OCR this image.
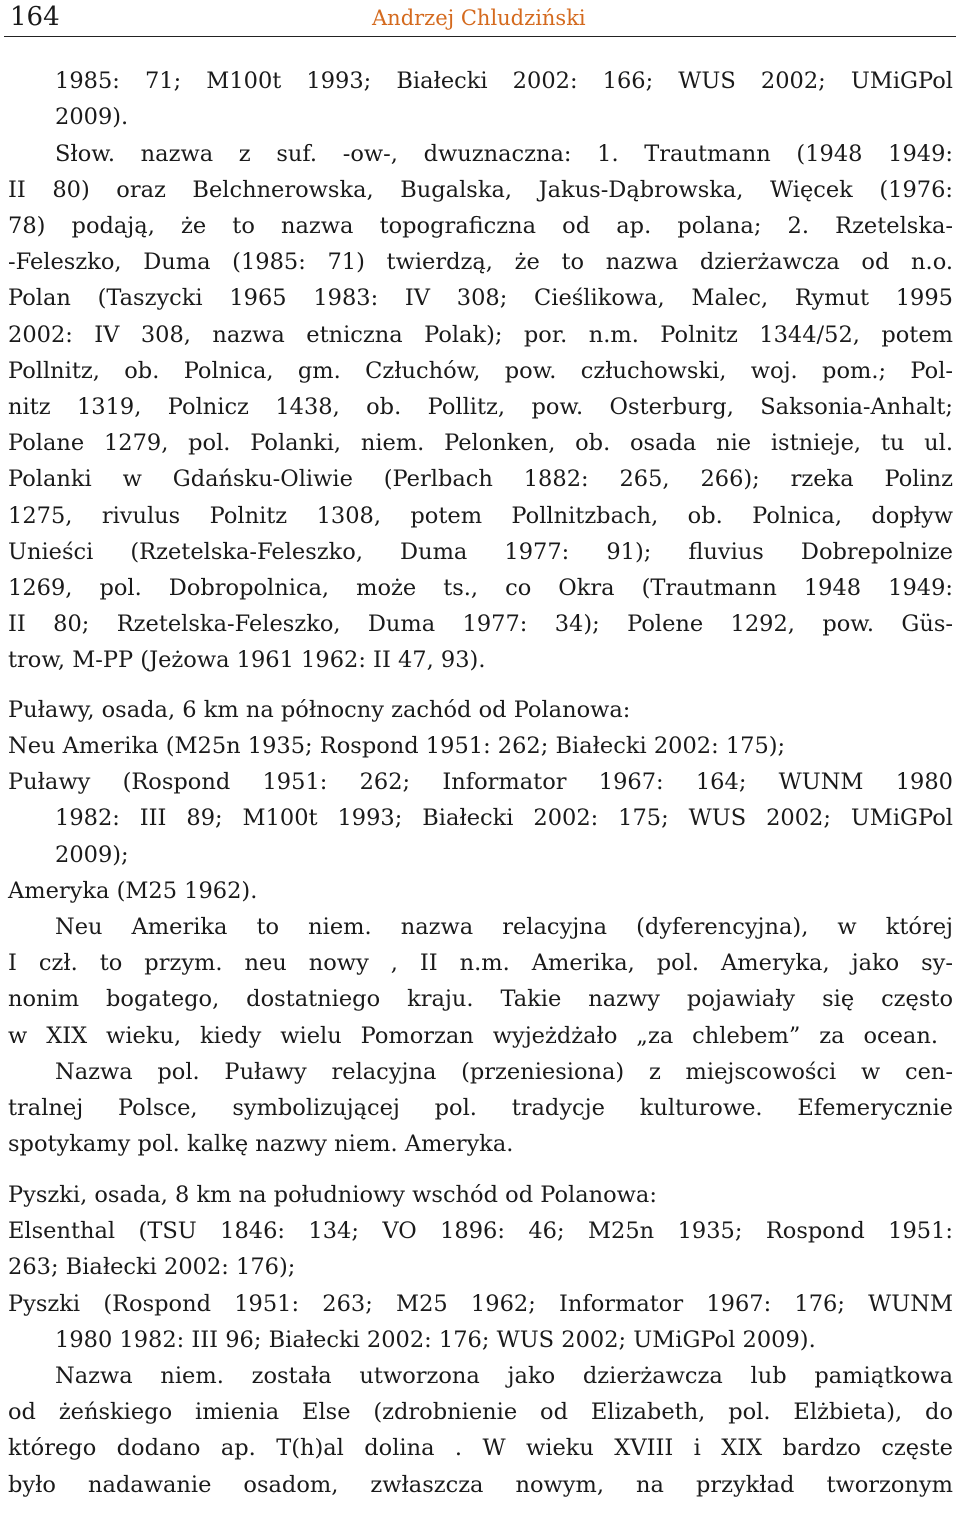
164	Andrzej Chludziński
1985: 71; M100t 1993; Białecki 2002: 166; WUS 2002; UMiGPol
2009).
Słow. nazwa z suf. -ow-, dwuznaczna: 1. Trautmann (1948 1949:
II 80) oraz Belchnerowska, Bugalska, Jakus-Dąbrowska, Więcek (1976:
78) podają, że to nazwa topograficzna od ap. polana; 2. Rzetelska-
-Feleszko, Duma (1985: 71) twierdzą, że to nazwa dzierżawcza od n.o.
Polan (Taszycki 1965 1983: IV 308; Cieślikowa, Malec, Rymut 1995
2002: IV 308, nazwa etniczna Polak); por. n.m. Polnitz 1344/52, potem
Pollnitz, ob. Polnica, gm. Człuchów, pow. człuchowski, woj. pom.; Pol-
nitz 1319, Polnicz 1438, ob. Pollitz, pow. Osterburg, Saksonia-Anhalt;
Polane 1279, pol. Polanki, niem. Pelonken, ob. osada nie istnieje, tu ul.
Polanki w Gdańsku-Oliwie (Perlbach 1882: 265, 266); rzeka Polinz
1275, rivulus Polnitz 1308, potem Pollnitzbach, ob. Polnica, dopływ
Unieści (Rzetelska-Feleszko, Duma 1977: 91); fluvius Dobrepolnize
1269, pol. Dobropolnica, może ts., co Okra (Trautmann 1948 1949:
II 80; Rzetelska-Feleszko, Duma 1977: 34); Polene 1292, pow. Güs-
trow, M-PP (Jeżowa 1961 1962: II 47, 93).
Puławy, osada, 6 km na północny zachód od Polanowa:
Neu Amerika (M25n 1935; Rospond 1951: 262; Białecki 2002: 175);
Puławy (Rospond 1951: 262; Informator 1967: 164; WUNM 1980
1982: III 89; M100t 1993; Białecki 2002: 175; WUS 2002; UMiGPol
2009);
Ameryka (M25 1962).
Neu Amerika to niem. nazwa relacyjna (dyferencyjna), w której
I czł. to przym. neu nowy , II n.m. Amerika, pol. Ameryka, jako sy-
nonim bogatego, dostatniego kraju. Takie nazwy pojawiały się często
w XIX wieku, kiedy wielu Pomorzan wyjeżdżało „za chlebem” za ocean.
Nazwa pol. Puławy relacyjna (przeniesiona) z miejscowości w cen-
tralnej Polsce, symbolizującej pol. tradycje kulturowe. Efemerycznie
spotykamy pol. kalkę nazwy niem. Ameryka.
Pyszki, osada, 8 km na południowy wschód od Polanowa:
Elsenthal (TSU 1846: 134; VO 1896: 46; M25n 1935; Rospond 1951:
263; Białecki 2002: 176);
Pyszki (Rospond 1951: 263; M25 1962; Informator 1967: 176; WUNM
1980 1982: III 96; Białecki 2002: 176; WUS 2002; UMiGPol 2009).
Nazwa niem. została utworzona jako dzierżawcza lub pamiątkowa
od żeńskiego imienia Else (zdrobnienie od Elizabeth, pol. Elżbieta), do
którego dodano ap. T(h)al dolina . W wieku XVIII i XIX bardzo częste
było nadawanie osadom, zwłaszcza nowym, na przykład tworzonym
